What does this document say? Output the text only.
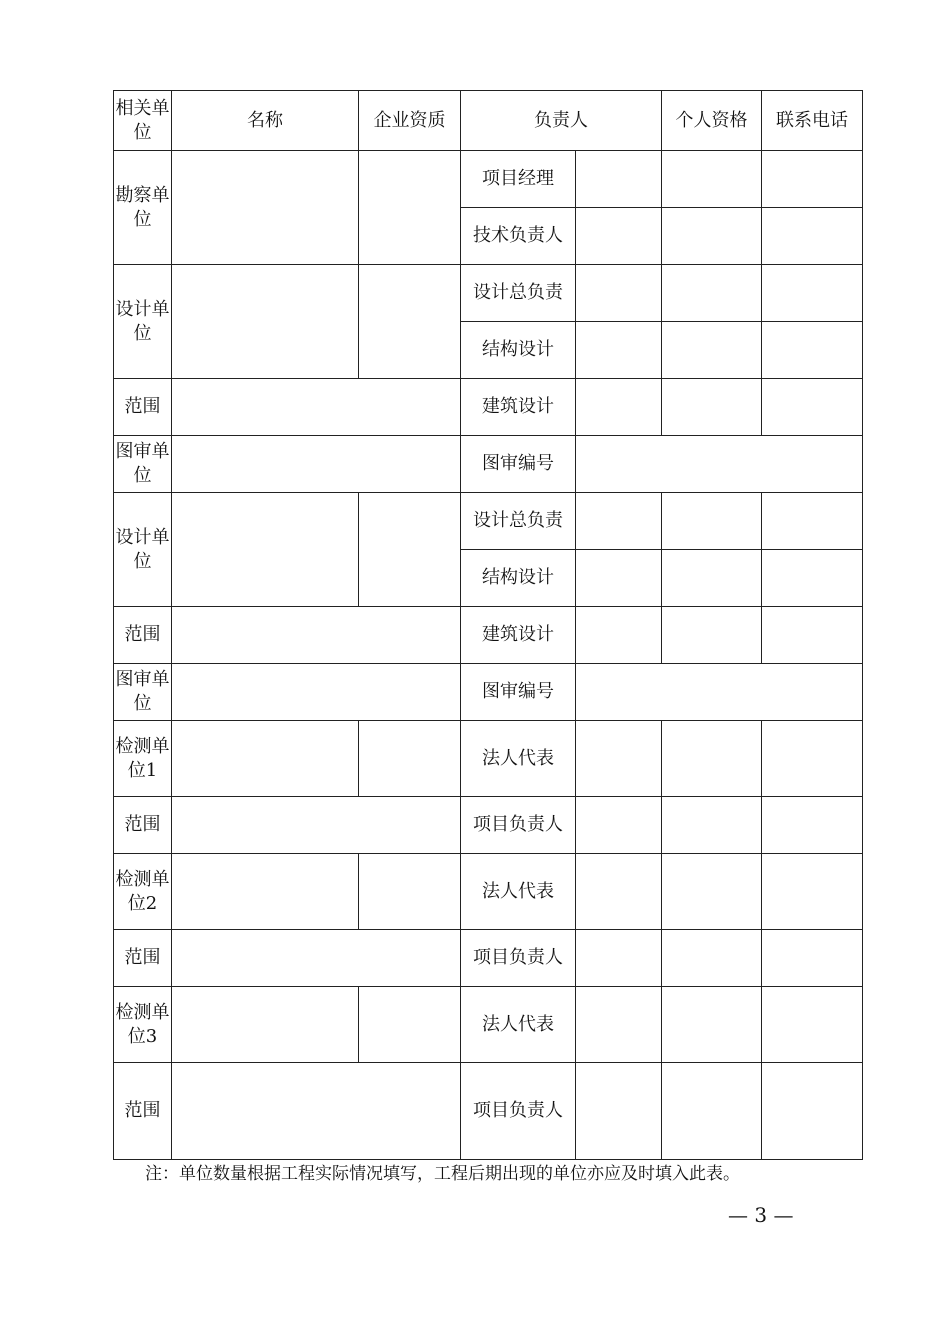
相关单位	名称	企业资质	负责人		个人资格	联系电话
勘察单位			项目经理			
			技术负责人			
设计单位			设计总负责			
			结构设计			
范围			建筑设计			
图审单位			图审编号			
设计单位			设计总负责			
			结构设计			
范围			建筑设计			
图审单位			图审编号			
检测单位1			法人代表			
范围			项目负责人			
检测单位2			法人代表			
范围			项目负责人			
检测单位3			法人代表			
范围			项目负责人			
注：单位数量根据工程实际情况填写，工程后期出现的单位亦应及时填入此表。
— 3 —
